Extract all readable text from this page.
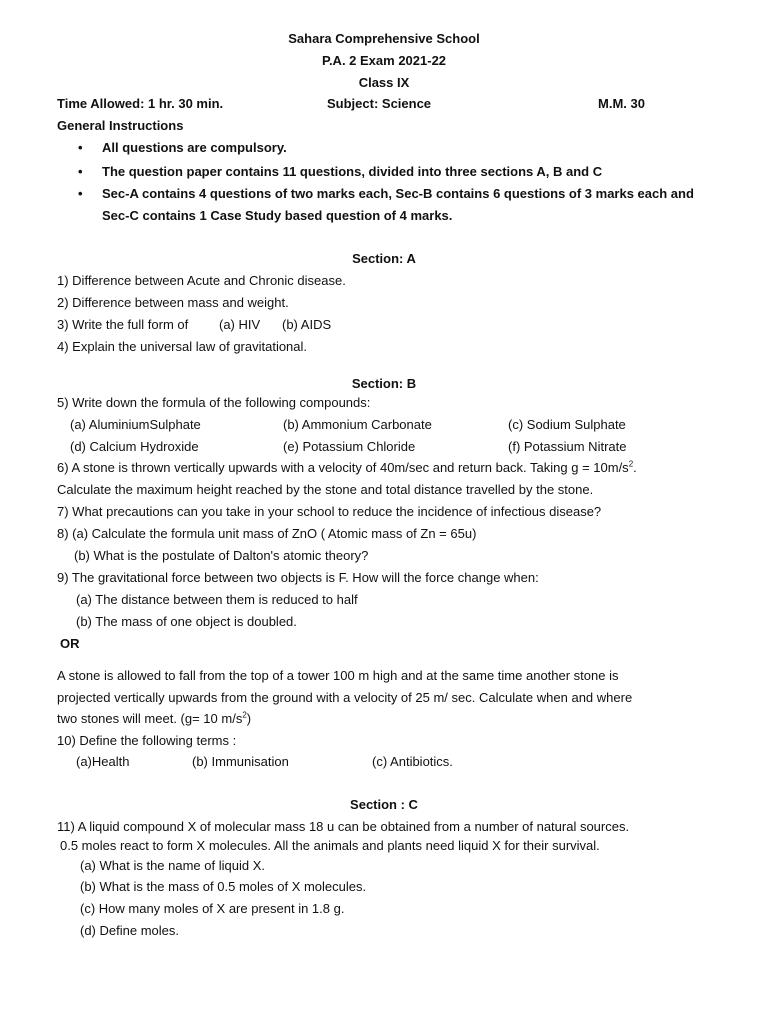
Sahara Comprehensive School
P.A. 2 Exam 2021-22
Class IX
Time Allowed: 1 hr. 30 min.	Subject: Science	M.M. 30
General Instructions
• All questions are compulsory.
• The question paper contains 11 questions, divided into three sections A, B and C
• Sec-A contains 4 questions of two marks each, Sec-B contains 6 questions of 3 marks each and
Sec-C contains 1 Case Study based question of 4 marks.
Section: A
1) Difference between Acute and Chronic disease.
2) Difference between mass and weight.
3) Write the full form of (a) HIV (b) AIDS
4) Explain the universal law of gravitational.
Section: B
5) Write down the formula of the following compounds:
(a) AluminiumSulphate	(b) Ammonium Carbonate	(c) Sodium Sulphate
(d) Calcium Hydroxide	(e) Potassium Chloride	(f) Potassium Nitrate
6) A stone is thrown vertically upwards with a velocity of 40m/sec and return back. Taking $g = 10m/s^2$.
Calculate the maximum height reached by the stone and total distance travelled by the stone.
7) What precautions can you take in your school to reduce the incidence of infectious disease?
8) (a) Calculate the formula unit mass of ZnO ( Atomic mass of Zn = 65u)
(b) What is the postulate of Dalton's atomic theory?
9) The gravitational force between two objects is F. How will the force change when:
(a) The distance between them is reduced to half
(b) The mass of one object is doubled.
OR
A stone is allowed to fall from the top of a tower 100 m high and at the same time another stone is
projected vertically upwards from the ground with a velocity of 25 m/ sec. Calculate when and where
two stones will meet. (g= 10 $m/s^2$)
10) Define the following terms :
(a)Health	(b) Immunisation	(c) Antibiotics.
Section : C
11) A liquid compound X of molecular mass 18 u can be obtained from a number of natural sources.
0.5 moles react to form X molecules. All the animals and plants need liquid X for their survival.
(a) What is the name of liquid X.
(b) What is the mass of 0.5 moles of X molecules.
(c) How many moles of X are present in 1.8 g.
(d) Define moles.
